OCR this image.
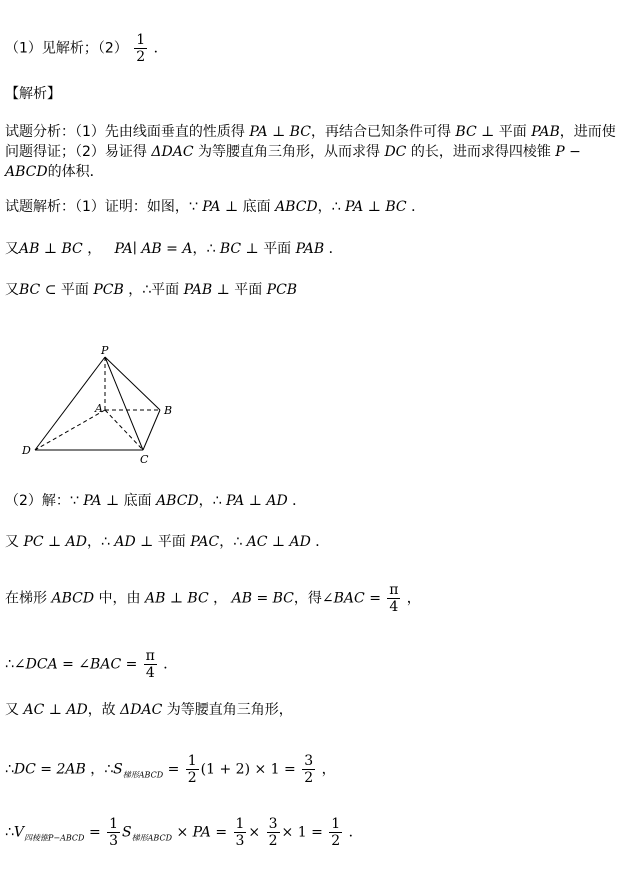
（1）见解析；$(2) \frac{1}{2}$ ．
【解析】
试题分析：（1）先由线面垂直的性质得 PA ⊥ BC，再结合已知条件可得 BC ⊥ 平面 PAB，进而使问题得证；（2）易证得 ΔDAC 为等腰直角三角形，从而求得 DC 的长，进而求得四棱锥 P − ABCD的体积．
试题解析：（1）证明：如图，∵ PA ⊥ 底面 ABCD，∴ PA ⊥ BC ．
又AB ⊥ BC ， PA∣ AB = A，∴ BC ⊥ 平面 PAB ．
又BC ⊂ 平面 PCB ，∴平面 PAB ⊥ 平面 PCB
P
A	B
C
D
（2）解：∵ PA ⊥ 底面 ABCD，∴ PA ⊥ AD ．
又 PC ⊥ AD，∴ AD ⊥ 平面 PAC，∴ AC ⊥ AD ．
在梯形 ABCD 中，由 AB ⊥ BC ， AB = BC，得∠BAC = $\frac{\pi}{4}$ ，
∴∠DCA = ∠BAC = $\frac{\pi}{4}$ ．
又 AC ⊥ AD，故 ΔDAC 为等腰直角三角形，
∴DC = 2AB ，$\therefore S_{梯形ABCD} = \frac{1}{2} (1 + 2) \times 1 = \frac{3}{2}$ ，
$\therefore V_{四棱锥P-ABCD} = \frac{1}{3} S_{梯形ABCD}$ × PA = $\frac{1}{3} \times \frac{3}{2} \times 1 = \frac{1}{2}$ ．
